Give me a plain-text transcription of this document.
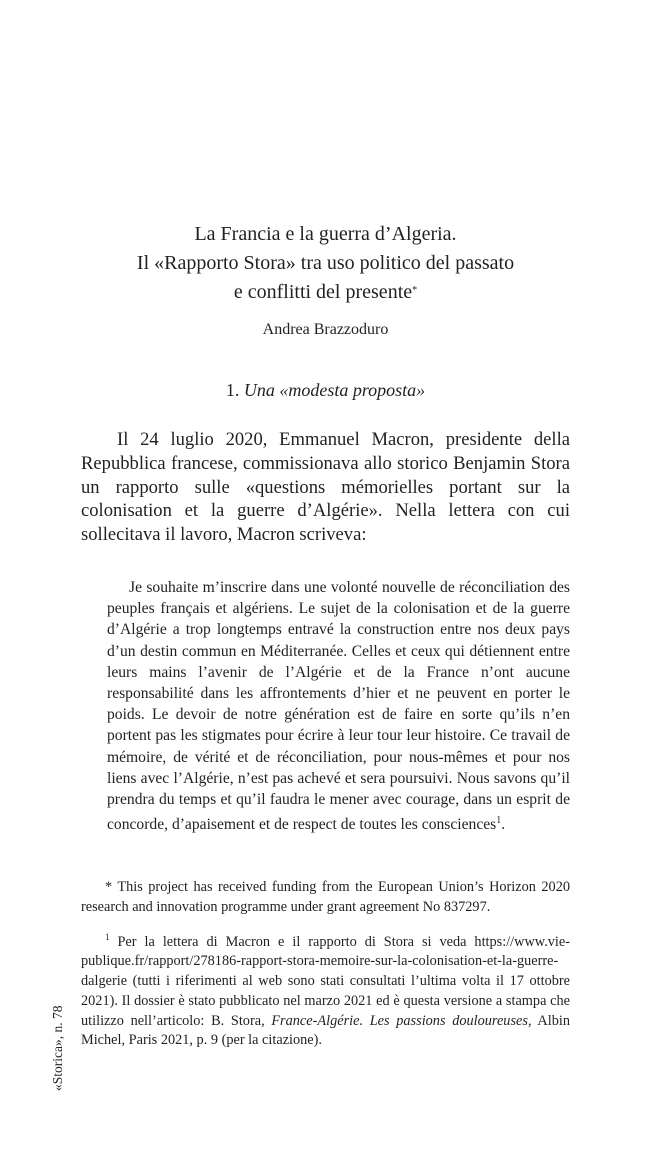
La Francia e la guerra d’Algeria.
Il «Rapporto Stora» tra uso politico del passato
e conflitti del presente*
Andrea Brazzoduro
1. Una «modesta proposta»

Il 24 luglio 2020, Emmanuel Macron, presidente della Repubblica francese, commissionava allo storico Benjamin Stora un rapporto sulle «questions mémorielles portant sur la colonisation et la guerre d’Algérie». Nella lettera con cui sollecitava il lavoro, Macron scriveva:

Je souhaite m’inscrire dans une volonté nouvelle de réconciliation des peuples français et algériens. Le sujet de la colonisation et de la guerre d’Algérie a trop longtemps entravé la construction entre nos deux pays d’un destin commun en Méditerranée. Celles et ceux qui détiennent entre leurs mains l’avenir de l’Algérie et de la France n’ont aucune responsabilité dans les affrontements d’hier et ne peuvent en porter le poids. Le devoir de notre génération est de faire en sorte qu’ils n’en portent pas les stigmates pour écrire à leur tour leur histoire. Ce travail de mémoire, de vérité et de réconciliation, pour nous-mêmes et pour nos liens avec l’Algérie, n’est pas achevé et sera poursuivi. Nous savons qu’il prendra du temps et qu’il faudra le mener avec courage, dans un esprit de concorde, d’apaisement et de respect de toutes les consciences$^1$.

* This project has received funding from the European Union’s Horizon 2020 research and innovation programme under grant agreement No 837297.

$^1$ Per la lettera di Macron e il rapporto di Stora si veda https://www.vie-publique.fr/rapport/278186-rapport-stora-memoire-sur-la-colonisation-et-la-guerre-dalgerie (tutti i riferimenti al web sono stati consultati l’ultima volta il 17 ottobre 2021). Il dossier è stato pubblicato nel marzo 2021 ed è questa versione a stampa che utilizzo nell’articolo: B. Stora, France-Algérie. Les passions douloureuses, Albin Michel, Paris 2021, p. 9 (per la citazione).

«Storica», n. 78
